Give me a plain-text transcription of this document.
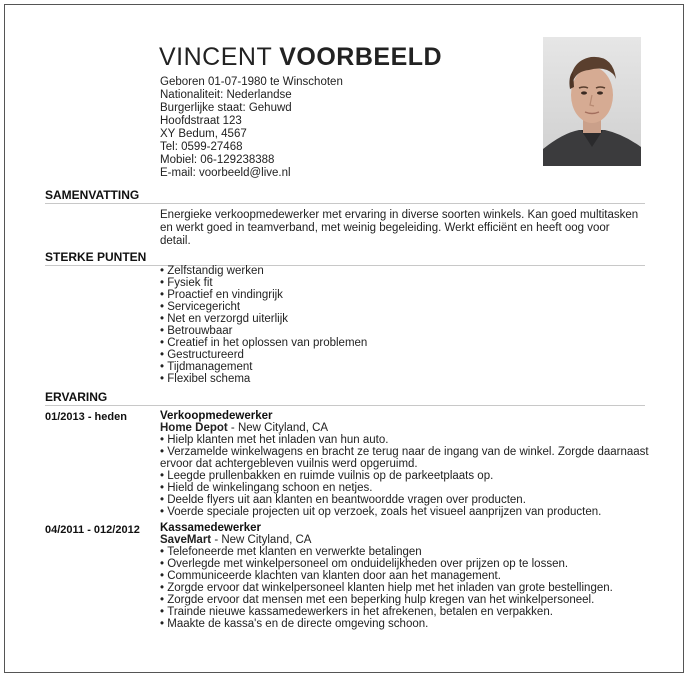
VINCENT VOORBEELD
Geboren 01-07-1980 te Winschoten
Nationaliteit: Nederlandse
Burgerlijke staat: Gehuwd
Hoofdstraat 123
XY Bedum, 4567
Tel: 0599-27468
Mobiel: 06-129238388
E-mail: voorbeeld@live.nl
SAMENVATTING
Energieke verkoopmedewerker met ervaring in diverse soorten winkels. Kan goed multitasken en werkt goed in teamverband, met weinig begeleiding. Werkt efficiënt en heeft oog voor detail.
STERKE PUNTEN
• Zelfstandig werken
• Fysiek fit
• Proactief en vindingrijk
• Servicegericht
• Net en verzorgd uiterlijk
• Betrouwbaar
• Creatief in het oplossen van problemen
• Gestructureerd
• Tijdmanagement
• Flexibel schema
ERVARING
01/2013 - heden	Verkoopmedewerker
Home Depot - New Cityland, CA
• Hielp klanten met het inladen van hun auto.
• Verzamelde winkelwagens en bracht ze terug naar de ingang van de winkel. Zorgde daarnaast ervoor dat achtergebleven vuilnis werd opgeruimd.
• Leegde prullenbakken en ruimde vuilnis op de parkeetplaats op.
• Hield de winkelingang schoon en netjes.
• Deelde flyers uit aan klanten en beantwoordde vragen over producten.
• Voerde speciale projecten uit op verzoek, zoals het visueel aanprijzen van producten.
04/2011 - 012/2012 Kassamedewerker
SaveMart - New Cityland, CA
• Telefoneerde met klanten en verwerkte betalingen
• Overlegde met winkelpersoneel om onduidelijkheden over prijzen op te lossen.
• Communiceerde klachten van klanten door aan het management.
• Zorgde ervoor dat winkelpersoneel klanten hielp met het inladen van grote bestellingen.
• Zorgde ervoor dat mensen met een beperking hulp kregen van het winkelpersoneel.
• Trainde nieuwe kassamedewerkers in het afrekenen, betalen en verpakken.
• Maakte de kassa's en de directe omgeving schoon.
